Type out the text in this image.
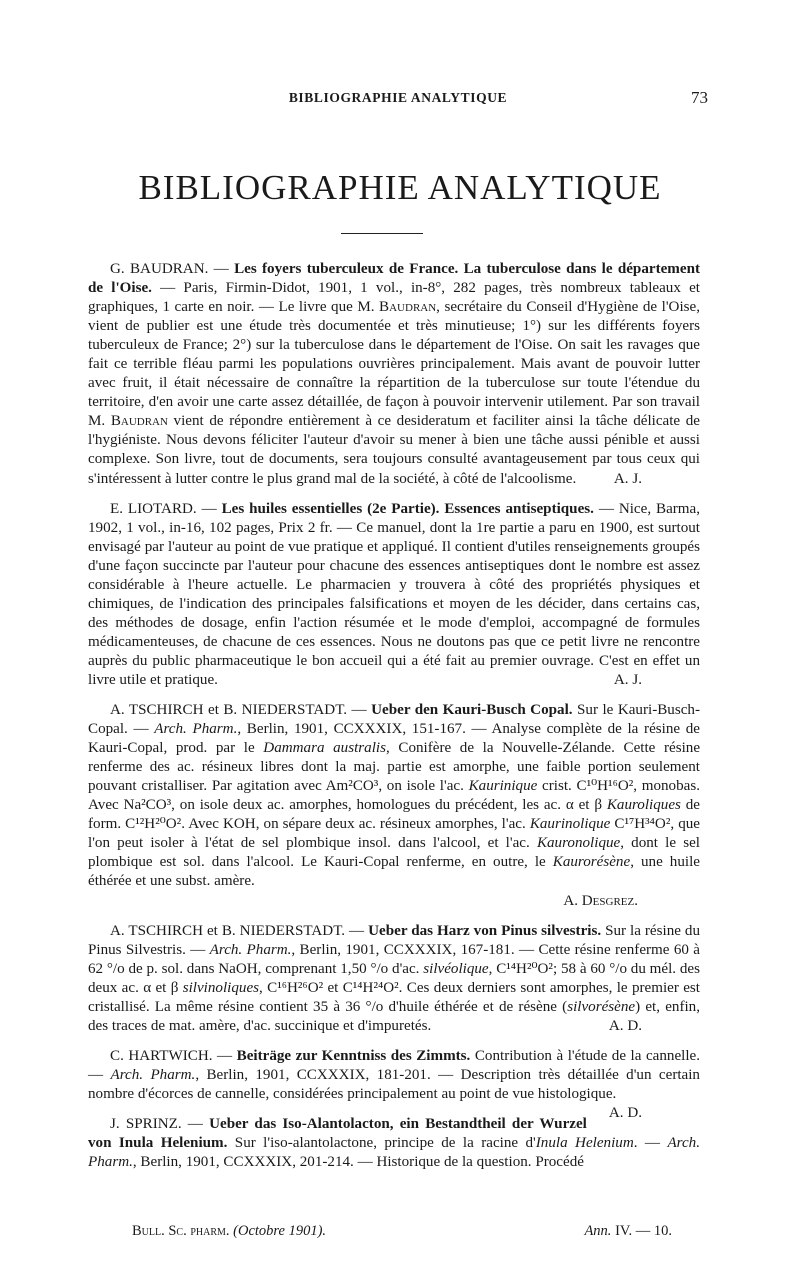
BIBLIOGRAPHIE ANALYTIQUE	73
BIBLIOGRAPHIE ANALYTIQUE

G. BAUDRAN. — Les foyers tuberculeux de France. La tuberculose dans le département de l'Oise. — Paris, Firmin-Didot, 1901, 1 vol., in-8°, 282 pages, très nombreux tableaux et graphiques, 1 carte en noir. — Le livre que M. Baudran, secrétaire du Conseil d'Hygiène de l'Oise, vient de publier est une étude très documentée et très minutieuse; 1°) sur les différents foyers tuberculeux de France; 2°) sur la tuberculose dans le département de l'Oise. On sait les ravages que fait ce terrible fléau parmi les populations ouvrières principalement. Mais avant de pouvoir lutter avec fruit, il était nécessaire de connaître la répartition de la tuberculose sur toute l'étendue du territoire, d'en avoir une carte assez détaillée, de façon à pouvoir intervenir utilement. Par son travail M. Baudran vient de répondre entièrement à ce desideratum et faciliter ainsi la tâche délicate de l'hygiéniste. Nous devons féliciter l'auteur d'avoir su mener à bien une tâche aussi pénible et aussi complexe. Son livre, tout de documents, sera toujours consulté avantageusement par tous ceux qui s'intéressent à lutter contre le plus grand mal de la société, à côté de l'alcoolisme.	A. J.

E. LIOTARD. — Les huiles essentielles (2e Partie). Essences antiseptiques. — Nice, Barma, 1902, 1 vol., in-16, 102 pages, Prix 2 fr. — Ce manuel, dont la 1re partie a paru en 1900, est surtout envisagé par l'auteur au point de vue pratique et appliqué. Il contient d'utiles renseignements groupés d'une façon succincte par l'auteur pour chacune des essences antiseptiques dont le nombre est assez considérable à l'heure actuelle. Le pharmacien y trouvera à côté des propriétés physiques et chimiques, de l'indication des principales falsifications et moyen de les décider, dans certains cas, des méthodes de dosage, enfin l'action résumée et le mode d'emploi, accompagné de formules médicamenteuses, de chacune de ces essences. Nous ne doutons pas que ce petit livre ne rencontre auprès du public pharmaceutique le bon accueil qui a été fait au premier ouvrage. C'est en effet un livre utile et pratique.	A. J.

A. TSCHIRCH et B. NIEDERSTADT. — Ueber den Kauri-Busch Copal. Sur le Kauri-Busch-Copal. — Arch. Pharm., Berlin, 1901, CCXXXIX, 151-167. — Analyse complète de la résine de Kauri-Copal, prod. par le Dammara australis, Conifère de la Nouvelle-Zélande. Cette résine renferme des ac. résineux libres dont la maj. partie est amorphe, une faible portion seulement pouvant cristalliser. Par agitation avec Am²CO³, on isole l'ac. Kaurinique crist. C¹⁰H¹⁶O², monobas. Avec Na²CO³, on isole deux ac. amorphes, homologues du précédent, les ac. α et β Kauroliques de form. C¹²H²⁰O². Avec KOH, on sépare deux ac. résineux amorphes, l'ac. Kaurinolique C¹⁷H³⁴O², que l'on peut isoler à l'état de sel plombique insol. dans l'alcool, et l'ac. Kauronolique, dont le sel plombique est sol. dans l'alcool. Le Kauri-Copal renferme, en outre, le Kaurorésène, une huile éthérée et une subst. amère.
A. Desgrez.

A. TSCHIRCH et B. NIEDERSTADT. — Ueber das Harz von Pinus silvestris. Sur la résine du Pinus Silvestris. — Arch. Pharm., Berlin, 1901, CCXXXIX, 167-181. — Cette résine renferme 60 à 62 °/o de p. sol. dans NaOH, comprenant 1,50 °/o d'ac. silvéolique, C¹⁴H²⁰O²; 58 à 60 °/o du mél. des deux ac. α et β silvinoliques, C¹⁶H²⁶O² et C¹⁴H²⁴O². Ces deux derniers sont amorphes, le premier est cristallisé. La même résine contient 35 à 36 °/o d'huile éthérée et de résène (silvorésène) et, enfin, des traces de mat. amère, d'ac. succinique et d'impuretés.	A. D.

C. HARTWICH. — Beiträge zur Kenntniss des Zimmts. Contribution à l'étude de la cannelle. — Arch. Pharm., Berlin, 1901, CCXXXIX, 181-201. — Description très détaillée d'un certain nombre d'écorces de cannelle, considérées principalement au point de vue histologique.
A. D.

J. SPRINZ. — Ueber das Iso-Alantolacton, ein Bestandtheil der Wurzel von Inula Helenium. Sur l'iso-alantolactone, principe de la racine d'Inula Helenium. — Arch. Pharm., Berlin, 1901, CCXXXIX, 201-214. — Historique de la question. Procédé

Bull. Sc. pharm. (Octobre 1901).	Ann. IV. — 10.
